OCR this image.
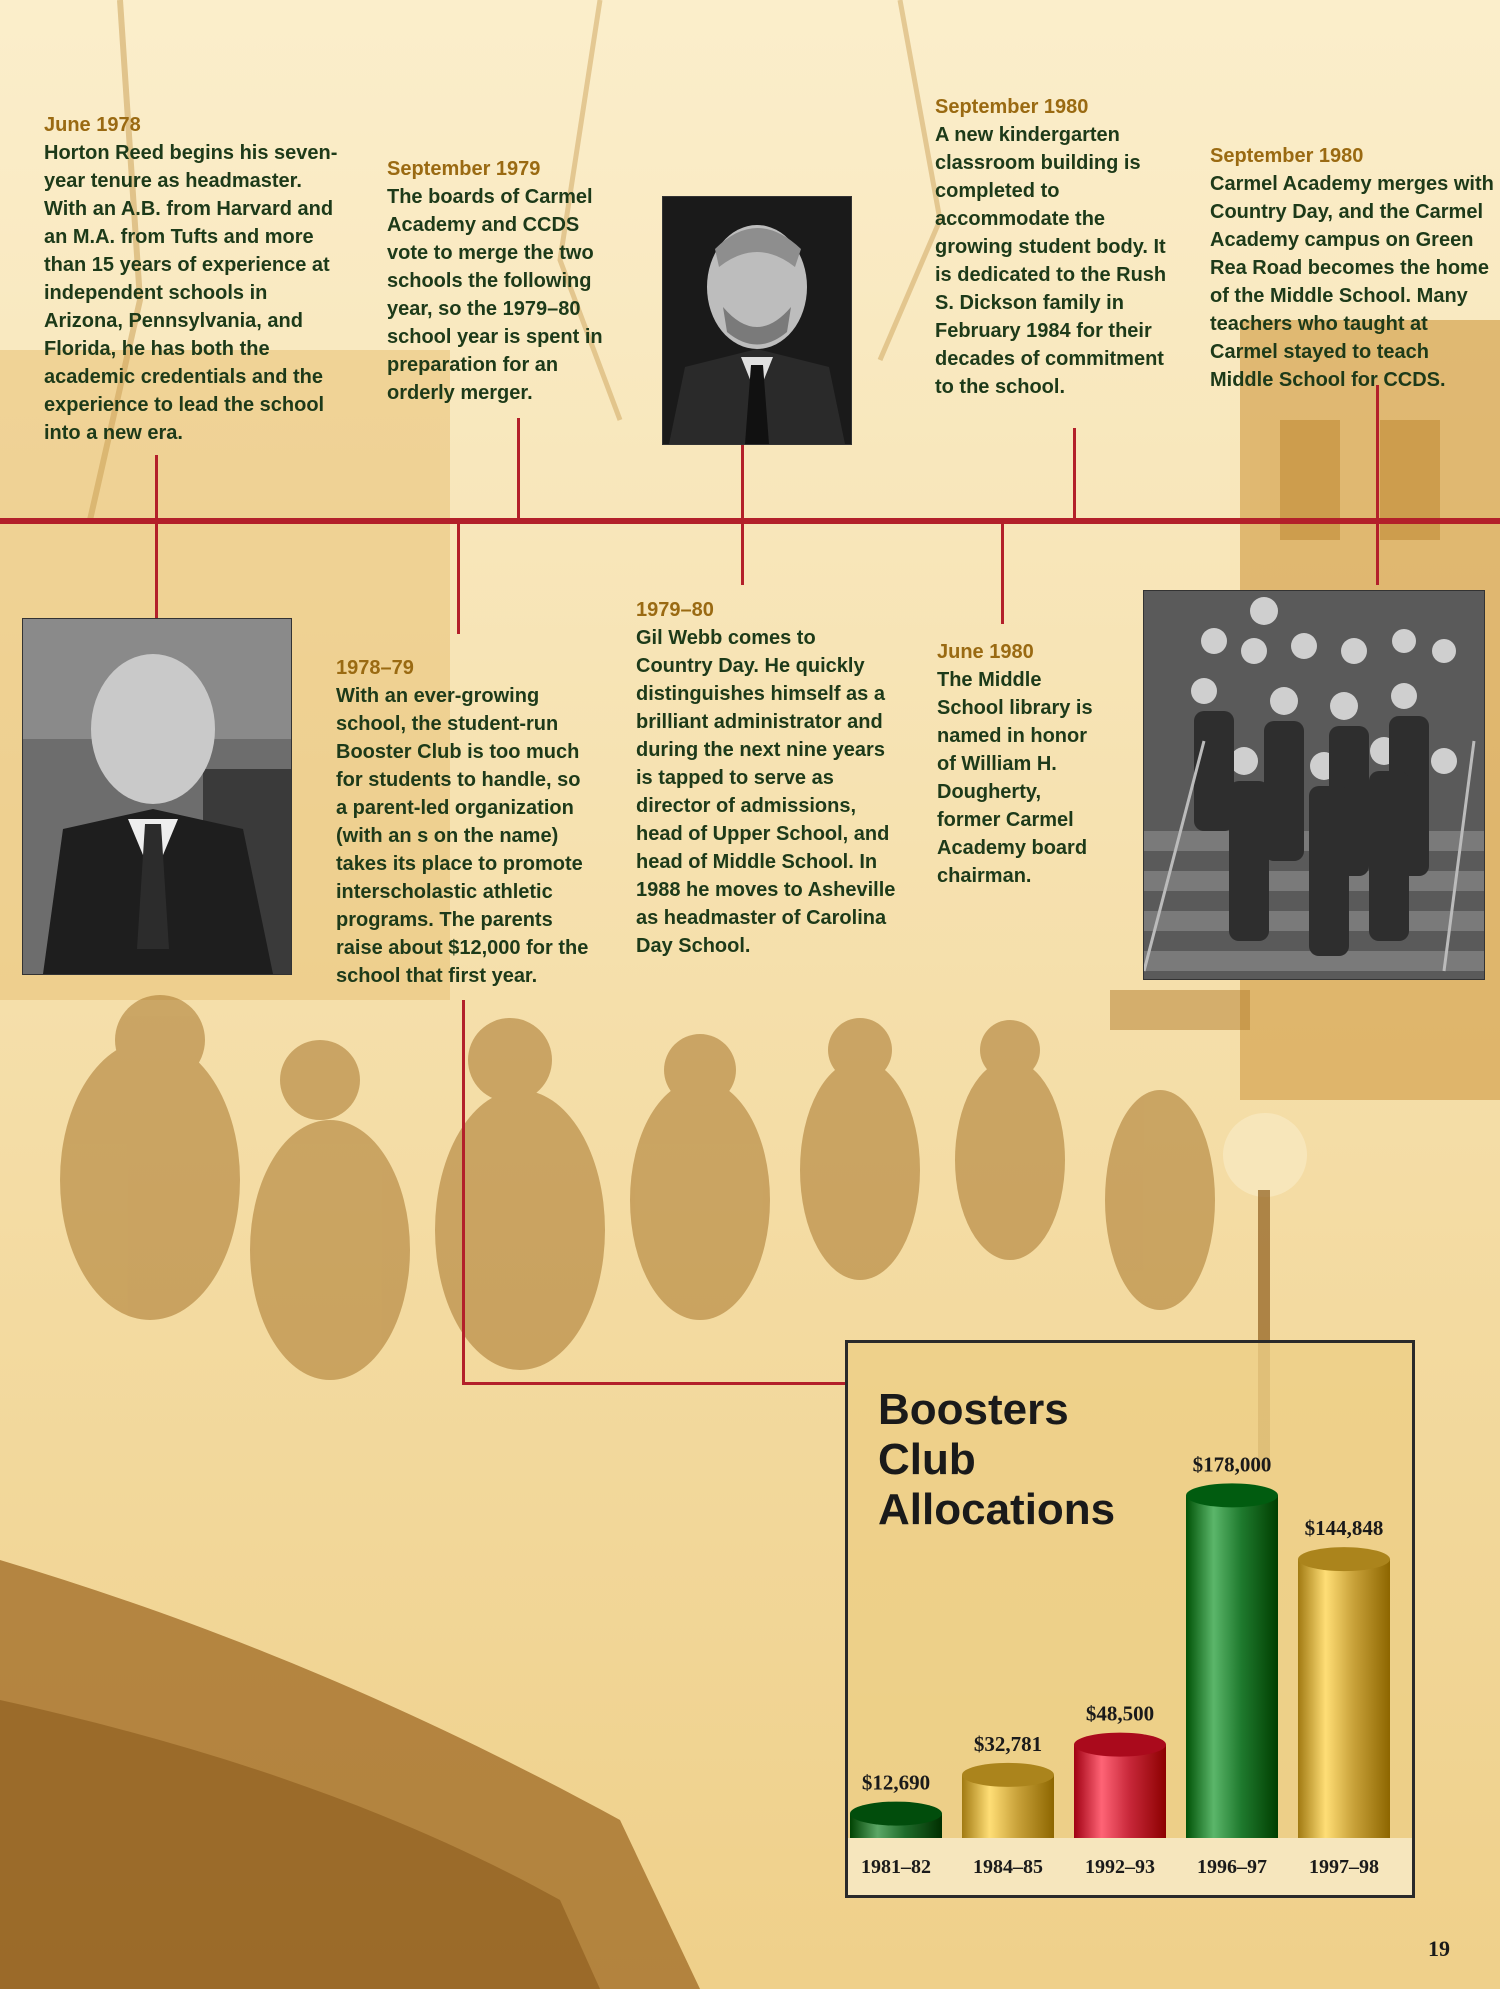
June 1978
Horton Reed begins his seven-year tenure as headmaster. With an A.B. from Harvard and an M.A. from Tufts and more than 15 years of experience at independent schools in Arizona, Pennsylvania, and Florida, he has both the academic credentials and the experience to lead the school into a new era.
September 1979
The boards of Carmel Academy and CCDS vote to merge the two schools the following year, so the 1979–80 school year is spent in preparation for an orderly merger.
September 1980
A new kindergarten classroom building is completed to accommodate the growing student body. It is dedicated to the Rush S. Dickson family in February 1984 for their decades of commitment to the school.
September 1980
Carmel Academy merges with Country Day, and the Carmel Academy campus on Green Rea Road becomes the home of the Middle School. Many teachers who taught at Carmel stayed to teach Middle School for CCDS.
1978–79
With an ever-growing school, the student-run Booster Club is too much for students to handle, so a parent-led organization (with an s on the name) takes its place to promote interscholastic athletic programs. The parents raise about $12,000 for the school that first year.
1979–80
Gil Webb comes to Country Day. He quickly distinguishes himself as a brilliant administrator and during the next nine years is tapped to serve as director of admissions, head of Upper School, and head of Middle School. In 1988 he moves to Asheville as headmaster of Carolina Day School.
June 1980
The Middle School library is named in honor of William H. Dougherty, former Carmel Academy board chairman.
Boosters Club Allocations
$12,690
1981–82
$32,781
1984–85
$48,500
1992–93
$178,000
1996–97
$144,848
1997–98
19
